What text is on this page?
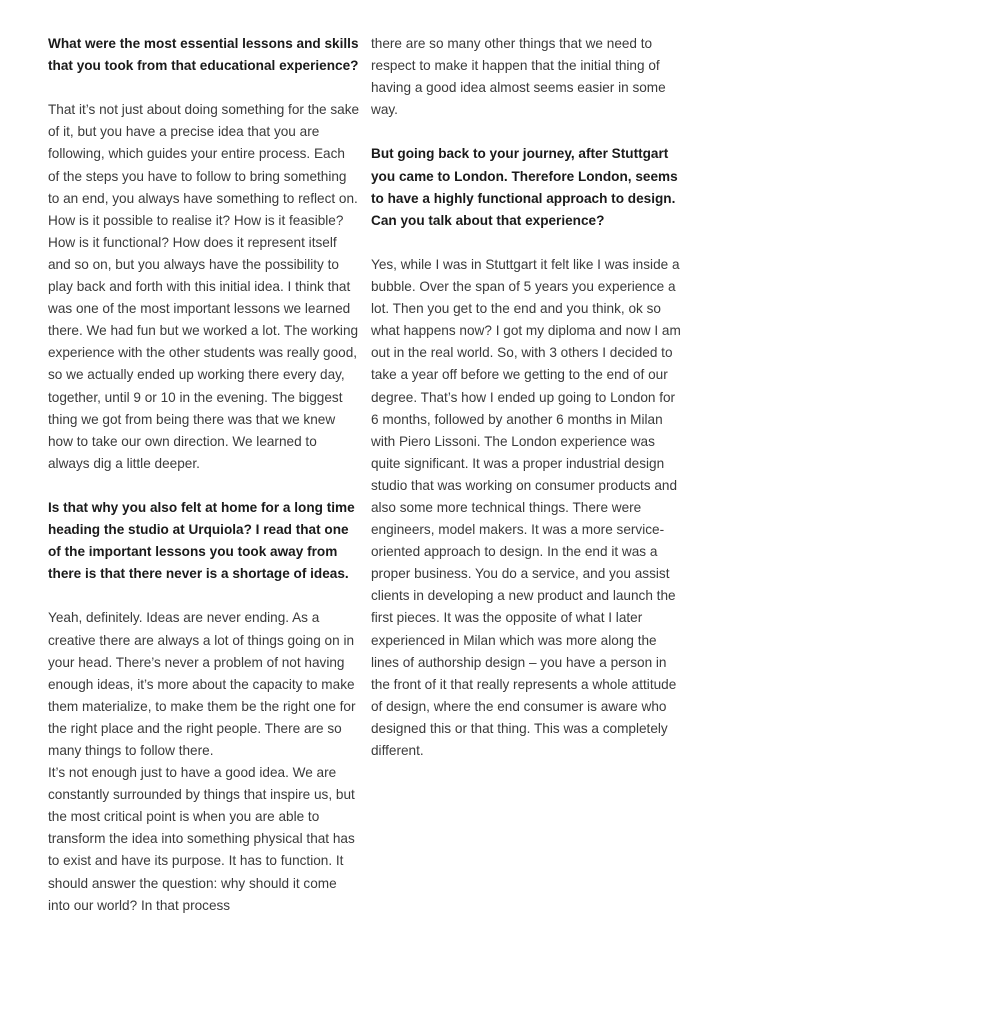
What were the most essential lessons and skills that you took from that educational experience?

That it’s not just about doing something for the sake of it, but you have a precise idea that you are following, which guides your entire process. Each of the steps you have to follow to bring something to an end, you always have something to reflect on. How is it possible to realise it? How is it feasible? How is it functional? How does it represent itself and so on, but you always have the possibility to play back and forth with this initial idea. I think that was one of the most important lessons we learned there. We had fun but we worked a lot. The working experience with the other students was really good, so we actually ended up working there every day, together, until 9 or 10 in the evening. The biggest thing we got from being there was that we knew how to take our own direction. We learned to always dig a little deeper.

Is that why you also felt at home for a long time heading the studio at Urquiola? I read that one of the important lessons you took away from there is that there never is a shortage of ideas.

Yeah, definitely. Ideas are never ending. As a creative there are always a lot of things going on in your head. There’s never a problem of not having enough ideas, it’s more about the capacity to make them materialize, to make them be the right one for the right place and the right people. There are so many things to follow there.

It’s not enough just to have a good idea. We are constantly surrounded by things that inspire us, but the most critical point is when you are able to transform the idea into something physical that has to exist and have its purpose. It has to function. It should answer the question: why should it come into our world? In that process

there are so many other things that we need to respect to make it happen that the initial thing of having a good idea almost seems easier in some way.

But going back to your journey, after Stuttgart you came to London. Therefore London, seems to have a highly functional approach to design. Can you talk about that experience?

Yes, while I was in Stuttgart it felt like I was inside a bubble. Over the span of 5 years you experience a lot. Then you get to the end and you think, ok so what happens now? I got my diploma and now I am out in the real world. So, with 3 others I decided to take a year off before we getting to the end of our degree. That’s how I ended up going to London for 6 months, followed by another 6 months in Milan with Piero Lissoni. The London experience was quite significant. It was a proper industrial design studio that was working on consumer products and also some more technical things. There were engineers, model makers. It was a more service-oriented approach to design. In the end it was a proper business. You do a service, and you assist clients in developing a new product and launch the first pieces. It was the opposite of what I later experienced in Milan which was more along the lines of authorship design – you have a person in the front of it that really represents a whole attitude of design, where the end consumer is aware who designed this or that thing. This was a completely different.
